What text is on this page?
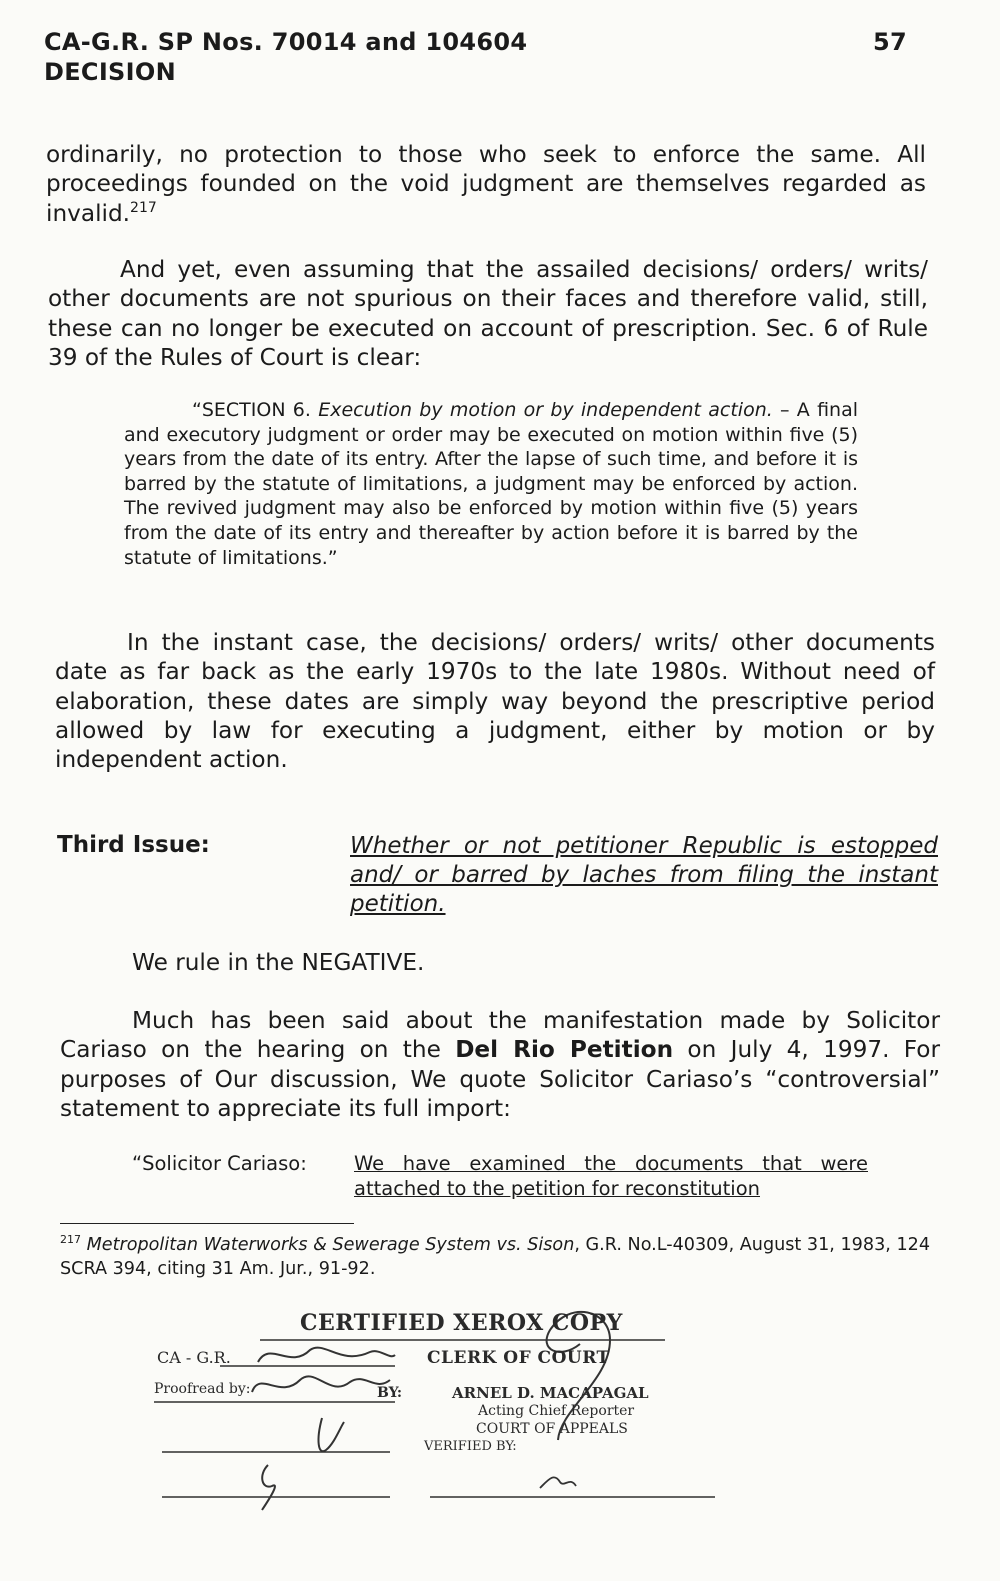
CA-G.R. SP Nos. 70014 and 104604
DECISION
57

ordinarily, no protection to those who seek to enforce the same. All proceedings founded on the void judgment are themselves regarded as invalid.$^{217}$

And yet, even assuming that the assailed decisions/ orders/ writs/ other documents are not spurious on their faces and therefore valid, still, these can no longer be executed on account of prescription. Sec. 6 of Rule 39 of the Rules of Court is clear:

“SECTION 6. Execution by motion or by independent action. – A final and executory judgment or order may be executed on motion within five (5) years from the date of its entry. After the lapse of such time, and before it is barred by the statute of limitations, a judgment may be enforced by action. The revived judgment may also be enforced by motion within five (5) years from the date of its entry and thereafter by action before it is barred by the statute of limitations.”

In the instant case, the decisions/ orders/ writs/ other documents date as far back as the early 1970s to the late 1980s. Without need of elaboration, these dates are simply way beyond the prescriptive period allowed by law for executing a judgment, either by motion or by independent action.

Third Issue:	Whether or not petitioner Republic is estopped and/ or barred by laches from filing the instant petition.

We rule in the NEGATIVE.

Much has been said about the manifestation made by Solicitor Cariaso on the hearing on the Del Rio Petition on July 4, 1997. For purposes of Our discussion, We quote Solicitor Cariaso’s “controversial” statement to appreciate its full import:

“Solicitor Cariaso: We have examined the documents that were attached to the petition for reconstitution

$^{217}$ Metropolitan Waterworks & Sewerage System vs. Sison, G.R. No.L-40309, August 31, 1983, 124 SCRA 394, citing 31 Am. Jur., 91-92.

CERTIFIED XEROX COPY
CA - G.R.	CLERK OF COURT
Proofread by:	BY:	ARNEL D. MACAPAGAL
Acting Chief Reporter
COURT OF APPEALS
VERIFIED BY:
